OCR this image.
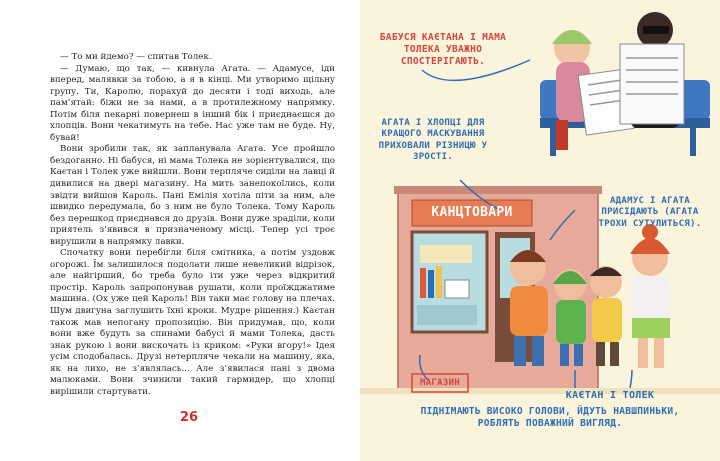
— То ми йдемо? — спитав Толек.

— Думаю, що так, — кивнула Агата. — Адамусе, іди вперед, малявки за тобою, а я в кінці. Ми утворимо щільну групу. Ти, Каролю, порахуй до десяти і тоді виходь, але пам’ятай: біжи не за нами, а в протилежному напрямку. Потім біля пекарні повернеш в інший бік і приєднаєшся до хлопців. Вони чекатимуть на тебе. Нас уже там не буде. Ну, бувай!

Вони зробили так, як запланувала Агата. Усе пройшло бездоганно. Ні бабуся, ні мама Толека не зорієнтувалися, що Каєтан і Толек уже вийшли. Вони терпляче сиділи на лавці й дивилися на двері магазину. На мить занепокоїлись, коли звідти вийшов Кароль. Пані Емілія хотіла піти за ним, але швидко передумала, бо з ним не було Толека. Тому Кароль без перешкод приєднався до друзів. Вони дуже зраділи, коли приятель з’явився в призначеному місці. Тепер усі троє вирушили в напрямку лавки.

Спочатку вони перебігли біля смітника, а потім уздовж огорожі. Їм залишилося подолати лише невеликий відрізок, але найгірший, бо треба було іти уже через відкритий простір. Кароль запропонував рушати, коли проїжджатиме машина. (Ох уже цей Кароль! Він таки має голову на плечах. Шум двигуна заглушить їхні кроки. Мудре рішення.) Каєтан також мав непогану пропозицію. Він придумав, що, коли вони вже будуть за спинами бабусі й мами Толека, дасть знак рукою і вони вискочать із криком: «Руки вгору!» Ідея усім сподобалась. Друзі нетерпляче чекали на машину, яка, як на лихо, не з’являлась... Але з’явилася пані з двома малюками. Вони зчинили такий гармидер, що хлопці вирішили стартувати.

26
БАБУСЯ КАЄТАНА І МАМА ТОЛЕКА УВАЖНО СПОСТЕРІГАЮТЬ.
АГАТА І ХЛОПЦІ ДЛЯ КРАЩОГО МАСКУВАННЯ ПРИХОВАЛИ РІЗНИЦЮ У ЗРОСТІ.
КАНЦТОВАРИ
АДАМУС І АГАТА ПРИСІДАЮТЬ (АГАТА ТРОХИ СУТУЛИТЬСЯ).
МАГАЗИН
КАЄТАН І ТОЛЕК
ПІДНІМАЮТЬ ВИСОКО ГОЛОВИ, ЙДУТЬ НАВШПИНЬКИ, РОБЛЯТЬ ПОВАЖНИЙ ВИГЛЯД.
